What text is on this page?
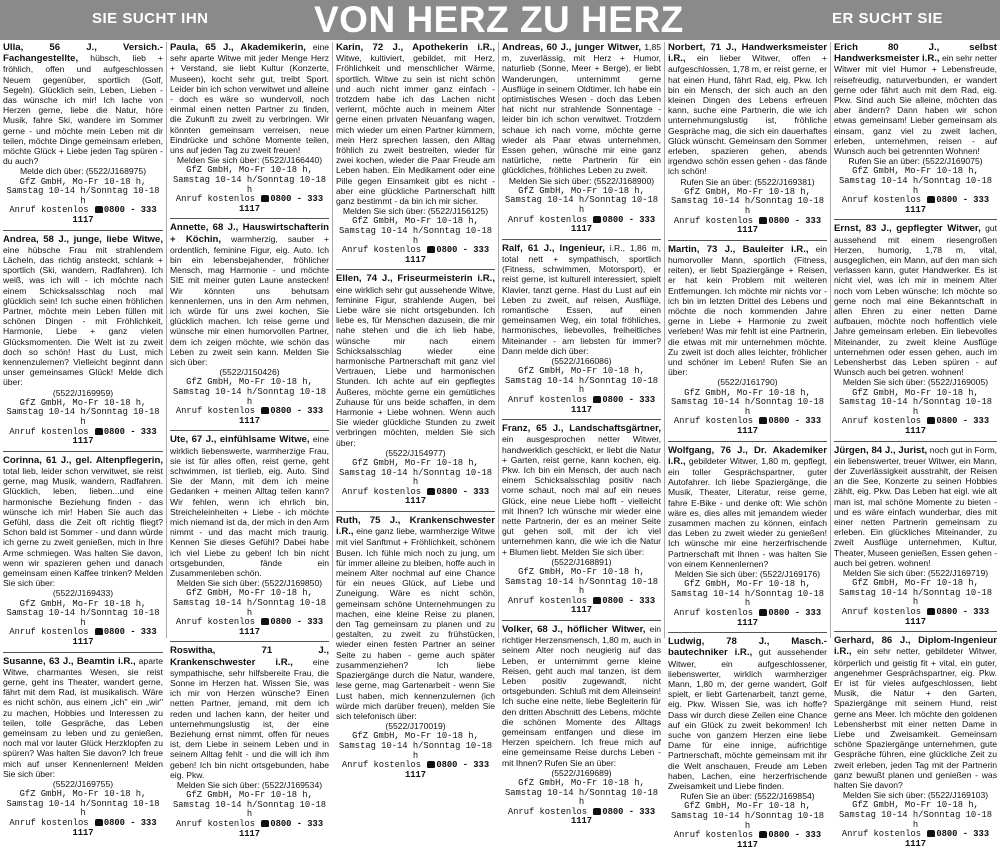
SIE SUCHT IHN	VON HERZ ZU HERZ	ER SUCHT SIE
Ulla, 56 J., Versich.-Fachangestellte, hübsch, lieb + fröhlich, offen und aufgeschlossen Neuem gegenüber, sportlich (Golf, Segeln). Glücklich sein, Leben, Lieben - das wünsche ich mir! Ich lache von Herzen gerne, liebe die Natur, höre Musik, fahre Ski, wandere im Sommer gerne - und möchte mein Leben mit dir teilen, möchte Dinge gemeinsam erleben, möchte Glück + Liebe jeden Tag spüren - du auch?
Melde dich über: (5522/J168975)
GfZ GmbH, Mo-Fr 10-18 h,
Samstag 10-14 h/Sonntag 10-18 h
Anruf kostenlos 0800 - 333 1117
Andrea, 58 J., junge, liebe Witwe, eine hübsche Frau mit strahlendem Lächeln, das richtig ansteckt, schlank + sportlich (Ski, wandern, Radfahren). Ich weiß, was ich will - ich möchte nach einem Schicksalsschlag noch mal glücklich sein! Ich suche einen fröhlichen Partner, möchte mein Leben füllen mit schönen Dingen - mit Fröhlichkeit, Harmonie, Liebe + ganz vielen Glücksmomenten. Die Welt ist zu zweit doch so schön! Hast du Lust, mich kennenzulernen? Vielleicht beginnt dann unser gemeinsames Glück! Melde dich über:
(5522/J169959)
GfZ GmbH, Mo-Fr 10-18 h,
Samstag 10-14 h/Sonntag 10-18 h
Anruf kostenlos 0800 - 333 1117
Corinna, 61 J., gel. Altenpflegerin, total lieb, leider schon verwitwet, sie reist gerne, mag Musik, wandern, Radfahren. Glücklich, leben, lieben...und eine harmonische Beziehung finden - das wünsche ich mir! Haben Sie auch das Gefühl, dass die Zeit oft richtig fliegt? Schon bald ist Sommer - und dann würde ich gerne zu zweit genießen, mich in Ihre Arme schmiegen. Was halten Sie davon, wenn wir spazieren gehen und danach gemeinsam einen Kaffee trinken? Melden Sie sich über:
(5522/J169433)
GfZ GmbH, Mo-Fr 10-18 h,
Samstag 10-14 h/Sonntag 10-18 h
Anruf kostenlos 0800 - 333 1117
Susanne, 63 J., Beamtin i.R., aparte Witwe, charmantes Wesen, sie reist gerne, geht ins Theater, wandert gerne, fährt mit dem Rad, ist musikalisch. Wäre es nicht schön, aus einem „ich" ein „wir" zu machen, Hobbies und Interessen zu teilen, tolle Gespräche, das Leben gemeinsam zu leben und zu genießen, noch mal vor lauter Glück Herzklopfen zu spüren? Was halten Sie davon? Ich freue mich auf unser Kennenlernen! Melden Sie sich über:
(5522/J169755)
GfZ GmbH, Mo-Fr 10-18 h,
Samstag 10-14 h/Sonntag 10-18 h
Anruf kostenlos 0800 - 333 1117
Paula, 65 J., Akademikerin, eine sehr aparte Witwe mit jeder Menge Herz + Verstand, sie liebt Kultur (Konzerte, Museen), kocht sehr gut, treibt Sport. Leider bin ich schon verwitwet und alleine - doch es wäre so wundervoll, noch einmal einen netten Partner zu finden, die Zukunft zu zweit zu verbringen. Wir könnten gemeinsam verreisen, neue Eindrücke und schöne Momente teilen, uns auf jeden Tag zu zweit freuen!
Melden Sie sich über: (5522/J166440)
GfZ GmbH, Mo-Fr 10-18 h,
Samstag 10-14 h/Sonntag 10-18 h
Anruf kostenlos 0800 - 333 1117
Annette, 68 J., Hauswirtschafterin + Köchin, warmherzig, sauber + ordentlich, feminine Figur, eig. Auto. Ich bin ein lebensbejahender, fröhlicher Mensch, mag Harmonie - und möchte SIE mit meiner guten Laune anstecken! Wir könnten uns behutsam kennenlernen, uns in den Arm nehmen, ich würde für uns zwei kochen, Sie glücklich machen. Ich reise gerne und wünsche mir einen humorvollen Partner, dem ich zeigen möchte, wie schön das Leben zu zweit sein kann. Melden Sie sich über:
(5522/J150426)
GfZ GmbH, Mo-Fr 10-18 h,
Samstag 10-14 h/Sonntag 10-18 h
Anruf kostenlos 0800 - 333 1117
Ute, 67 J., einfühlsame Witwe, eine wirklich liebenswerte, warmherzige Frau, sie ist für alles offen, reist gerne, geht schwimmen, ist tierlieb, eig. Auto. Sind Sie der Mann, mit dem ich meine Gedanken + meinen Alltag teilen kann? Wir fehlen, wenn ich ehrlich bin, Streicheleinheiten + Liebe - ich möchte mich niemand ist da, der mich in den Arm nimmt - und das macht mich traurig. Kennen Sie dieses Gefühl? Dabei habe ich viel Liebe zu geben! Ich bin nicht ortsgebunden, fände ein Zusammenleben schön.
Melden Sie sich über: (5522/J169850)
GfZ GmbH, Mo-Fr 10-18 h,
Samstag 10-14 h/Sonntag 10-18 h
Anruf kostenlos 0800 - 333 1117
Roswitha, 71 J., Krankenschwester i.R., eine sympathische, sehr hilfsbereite Frau, die Sonne im Herzen hat. Wissen Sie, was ich mir von Herzen wünsche? Einen netten Partner, jemand, mit dem ich reden und lachen kann, der heiter und unternehmungslustig ist, der eine Beziehung ernst nimmt, offen für neues ist, dem Liebe in seinem Leben und in seinem Alltag fehlt - und die will ich ihm geben! Ich bin nicht ortsgebunden, habe eig. Pkw.
Melden Sie sich über: (5522/J169534)
GfZ GmbH, Mo-Fr 10-18 h,
Samstag 10-14 h/Sonntag 10-18 h
Anruf kostenlos 0800 - 333 1117
Karin, 72 J., Apothekerin i.R., Witwe, kultiviert, gebildet, mit Herz, Fröhlichkeit und menschlicher Wärme, sportlich. Witwe zu sein ist nicht schön und auch nicht immer ganz einfach - trotzdem habe ich das Lachen nicht verlernt, möchte auch in meinem Alter gerne einen privaten Neuanfang wagen, mich wieder um einen Partner kümmern, mein Herz sprechen lassen, den Alltag fröhlich zu zweit bestreiten, wieder für zwei kochen, wieder die Paar Freude am Leben haben. Ein Medikament oder eine Pille gegen Einsamkeit gibt es nicht - aber eine glückliche Partnerschaft hilft ganz bestimmt - da bin ich mir sicher.
Melden Sie sich über: (5522/J156125)
GfZ GmbH, Mo-Fr 10-18 h,
Samstag 10-14 h/Sonntag 10-18 h
Anruf kostenlos 0800 - 333 1117
Ellen, 74 J., Friseurmeisterin i.R., eine wirklich sehr gut aussehende Witwe, feminine Figur, strahlende Augen, bei Liebe wäre sie nicht ortsgebunden. Ich liebe es, für Menschen dazusein, die mir nahe stehen und die ich lieb habe, wünsche mir nach einem Schicksalsschlag wieder eine harmonische Partnerschaft mit ganz viel Vertrauen, Liebe und harmonischen Stunden. Ich achte auf ein gepflegtes Äußeres, möchte gerne ein gemütliches Zuhause für uns beide schaffen, in dem Harmonie + Liebe wohnen. Wenn auch Sie wieder glückliche Stunden zu zweit verbringen möchten, melden Sie sich über:
(5522/J154977)
GfZ GmbH, Mo-Fr 10-18 h,
Samstag 10-14 h/Sonntag 10-18 h
Anruf kostenlos 0800 - 333 1117
Ruth, 75 J., Krankenschwester i.R., eine ganz liebe, warmherzige Witwe mit viel Sanftmut + Fröhlichkeit, schönem Busen. Ich fühle mich noch zu jung, um für immer alleine zu bleiben, hoffe auch in meinem Alter nochmal auf eine Chance für ein neues Glück, auf Liebe und Zuneigung. Wäre es nicht schön, gemeinsam schöne Unternehmungen zu machen, eine kleine Reise zu planen, den Tag gemeinsam zu planen und zu gestalten, zu zweit zu frühstücken, wieder einen festen Partner an seiner Seite zu haben - gerne auch später zusammenziehen? Ich liebe Spaziergänge durch die Natur, wandere, lese gerne, mag Gartenarbeit - wenn Sie Lust haben, mich kennenzulernen (ich würde mich darüber freuen), melden Sie sich telefonisch über:
(5522/J170019)
GfZ GmbH, Mo-Fr 10-18 h,
Samstag 10-14 h/Sonntag 10-18 h
Anruf kostenlos 0800 - 333 1117
Andreas, 60 J., junger Witwer, 1,85 m, zuverlässig, mit Herz + Humor, naturlieb (Sonne, Meer + Berge), er liebt Wanderungen, unternimmt gerne Ausflüge in seinem Oldtimer. Ich habe ein optimistisches Wesen - doch das Leben hat nicht nur strahlende Sonnentage - leider bin ich schon verwitwet. Trotzdem schaue ich nach vorne, möchte gerne wieder als Paar etwas unternehmen, Essen gehen, wünsche mir eine ganz natürliche, nette Partnerin für ein glückliches, fröhliches Leben zu zweit.
Melden Sie sich über: (5522/J168900)
GfZ GmbH, Mo-Fr 10-18 h,
Samstag 10-14 h/Sonntag 10-18 h
Anruf kostenlos 0800 - 333 1117
Ralf, 61 J., Ingenieur, i.R., 1,86 m, total nett + sympathisch, sportlich (Fitness, schwimmen, Motorsport), er reist gerne, ist kulturell interessiert, spielt Klavier, tanzt gerne. Hast du Lust auf ein Leben zu zweit, auf reisen, Ausflüge, romantische Essen, auf einen gemeinsamen Weg, ein total fröhliches, harmonisches, liebevolles, freiheitliches Miteinander - am liebsten für immer? Dann melde dich über:
(5522/J166086)
GfZ GmbH, Mo-Fr 10-18 h,
Samstag 10-14 h/Sonntag 10-18 h
Anruf kostenlos 0800 - 333 1117
Franz, 65 J., Landschaftsgärtner, ein ausgesprochen netter Witwer, handwerklich geschickt, er liebt die Natur + Garten, reist gerne, kann kochen, eig. Pkw. Ich bin ein Mensch, der auch nach einem Schicksalsschlag positiv nach vorne schaut, noch mal auf ein neues Glück, eine neue Liebe hofft - vielleicht mit Ihnen? Ich wünsche mir wieder eine nette Partnerin, der es an meiner Seite gut gehen soll, mit der ich viel unternehmen kann, die wie ich die Natur + Blumen liebt. Melden Sie sich über:
(5522/J168891)
GfZ GmbH, Mo-Fr 10-18 h,
Samstag 10-14 h/Sonntag 10-18 h
Anruf kostenlos 0800 - 333 1117
Volker, 68 J., höflicher Witwer, ein richtiger Herzensmensch, 1,80 m, auch in seinem Alter noch neugierig auf das Leben, er unternimmt gerne kleine Reisen, geht auch mal tanzen, ist dem Leben positiv zugewandt, nicht ortsgebunden. Schluß mit dem Alleinsein! Ich suche eine nette, liebe Begleiterin für den dritten Abschnitt des Lebens, möchte die schönen Momente des Alltags gemeinsam entfangen und diese im Herzen speichern. Ich freue mich auf eine gemeinsame Reise durchs Leben - mit Ihnen? Rufen Sie an über:
(5522/J169689)
GfZ GmbH, Mo-Fr 10-18 h,
Samstag 10-14 h/Sonntag 10-18 h
Anruf kostenlos 0800 - 333 1117
Norbert, 71 J., Handwerksmeister i.R., ein lieber Witwer, offen + aufgeschlossen, 1,78 m, er reist gerne, er hat einen Hund, fährt Rad, eig. Pkw. Ich bin ein Mensch, der sich auch an den kleinen Dingen des Lebens erfreuen kann, suche eine Partnerin, die wie ich unternehmungslustig ist, fröhliche Gespräche mag, die sich ein dauerhaftes Glück wünscht. Gemeinsam den Sommer erleben, spazieren gehen, abends irgendwo schön essen gehen - das fände ich schön!
Rufen Sie an über: (5522/J169381)
GfZ GmbH, Mo-Fr 10-18 h,
Samstag 10-14 h/Sonntag 10-18 h
Anruf kostenlos 0800 - 333 1117
Martin, 73 J., Bauleiter i.R., ein humorvoller Mann, sportlich (Fitness, reiten), er liebt Spaziergänge + Reisen, er hat kein Problem mit weiteren Entfernungen. Ich möchte mir nichts vor - ich bin im letzten Drittel des Lebens und möchte die noch kommenden Jahre gerne in Liebe + Harmonie zu zweit verleben! Was mir fehlt ist eine Partnerin, die etwas mit mir unternehmen möchte. Zu zweit ist doch alles leichter, fröhlicher und schöner im Leben! Rufen Sie an über:
(5522/J161790)
GfZ GmbH, Mo-Fr 10-18 h,
Samstag 10-14 h/Sonntag 10-18 h
Anruf kostenlos 0800 - 333 1117
Wolfgang, 76 J., Dr. Akademiker i.R., gebildeter Witwer, 1,80 m, gepflegt, ein toller Gesprächspartner, guter Autofahrer. Ich liebe Spaziergänge, die Musik, Theater, Literatur, reise gerne, fahre E-Bike - und denke oft: Wie schön wäre es, dies alles mit jemandem wieder zusammen machen zu können, einfach das Leben zu zweit wieder zu genießen! Ich wünsche mir eine herzerfrischende Partnerschaft mit Ihnen - was halten Sie von einem Kennenlernen?
Melden Sie sich über: (5522/J169176)
GfZ GmbH, Mo-Fr 10-18 h,
Samstag 10-14 h/Sonntag 10-18 h
Anruf kostenlos 0800 - 333 1117
Ludwig, 78 J., Masch.-bautechniker i.R., gut aussehender Witwer, ein aufgeschlossener, liebenswerter, wirklich warmherziger Mann, 1,80 m, der gerne wandert, Golf spielt, er liebt Gartenarbeit, tanzt gerne, eig. Pkw. Wissen Sie, was ich hoffe? Dass wir durch diese Zeilen eine Chance auf ein Glück zu zweit bekommen! Ich suche von ganzem Herzen eine liebe Dame für eine innige, aufrichtige Partnerschaft, möchte gemeinsam mit ihr die Welt anschauen, Freude am Leben haben, Lachen, eine herzerfrischende Zweisamkeit und Liebe finden.
Rufen Sie an über: (5522/J169854)
GfZ GmbH, Mo-Fr 10-18 h,
Samstag 10-14 h/Sonntag 10-18 h
Anruf kostenlos 0800 - 333 1117
Erich 80 J., selbst Handwerksmeister i.R., ein sehr netter Witwer mit viel Humor + Lebensfreude, reisefreudig, naturverbunden, er wandert gerne oder fährt auch mit dem Rad, eig. Pkw. Sind auch Sie alleine, möchten das aber ändern? Dann haben wir schon etwas gemeinsam! Lieber gemeinsam als einsam, ganz viel zu zweit lachen, erleben, unternehmen, reisen - auf Wunsch auch bei getrennten Wohnen!
Rufen Sie an über: (5522/J169075)
GfZ GmbH, Mo-Fr 10-18 h,
Samstag 10-14 h/Sonntag 10-18 h
Anruf kostenlos 0800 - 333 1117
Ernst, 83 J., gepflegter Witwer, gut aussehend mit einem riesengroßen Herzen, humorig, 1,78 m, vital, ausgeglichen, ein Mann, auf den man sich verlassen kann, guter Handwerker. Es ist nicht viel, was ich mir in meinem Alter noch vom Leben wünsche: Ich möchte so gerne noch mal eine Bekanntschaft in allen Ehren zu einer netten Dame aufbauen, möchte noch hoffentlich viele Jahre gemeinsam erleben. Ein liebevolles Miteinander, zu zweit kleine Ausflüge unternehmen oder essen gehen, auch im Lebensherbst das Leben spüren - auf Wunsch auch bei getren. wohnen!
Melden Sie sich über: (5522/J169005)
GfZ GmbH, Mo-Fr 10-18 h,
Samstag 10-14 h/Sonntag 10-18 h
Anruf kostenlos 0800 - 333 1117
Jürgen, 84 J., Jurist, noch gut in Form, ein liebenswerter, treuer Witwer, ein Mann, der Zuverlässigkeit ausstrahlt, der Reisen an die See, Konzerte zu seinen Hobbies zählt, eig. Pkw. Das Leben hat eigl. wie alt man ist, mal schöne Momente zu bieten - und es wäre einfach wunderbar, dies mit einer netten Partnerin gemeinsam zu erleben. Ein glückliches Miteinander, zu zweit Ausflüge unternehmen, Kultur, Theater, Museen genießen, Essen gehen - auch bei getren. wohnen!
Melden Sie sich über: (5522/J169719)
GfZ GmbH, Mo-Fr 10-18 h,
Samstag 10-14 h/Sonntag 10-18 h
Anruf kostenlos 0800 - 333 1117
Gerhard, 86 J., Diplom-Ingenieur i.R., ein sehr netter, gebildeter Witwer, körperlich und geistig fit + vital, ein guter, angenehmer Gesprächspartner, eig. Pkw. Er ist für vieles aufgeschlossen, liebt Musik, die Natur + den Garten, Spaziergänge mit seinem Hund, reist gerne ans Meer. Ich möchte den goldenen Lebensherbst mit einer netten Dame in Liebe und Zweisamkeit. Gemeinsam schöne Spaziergänge unternehmen, gute Gespräche führen, eine glückliche Zeit zu zweit erleben, jeden Tag mit der Partnerin ganz bewußt planen und genießen - was halten Sie davon?
Melden Sie sich über: (5522/J169103)
GfZ GmbH, Mo-Fr 10-18 h,
Samstag 10-14 h/Sonntag 10-18 h
Anruf kostenlos 0800 - 333 1117
